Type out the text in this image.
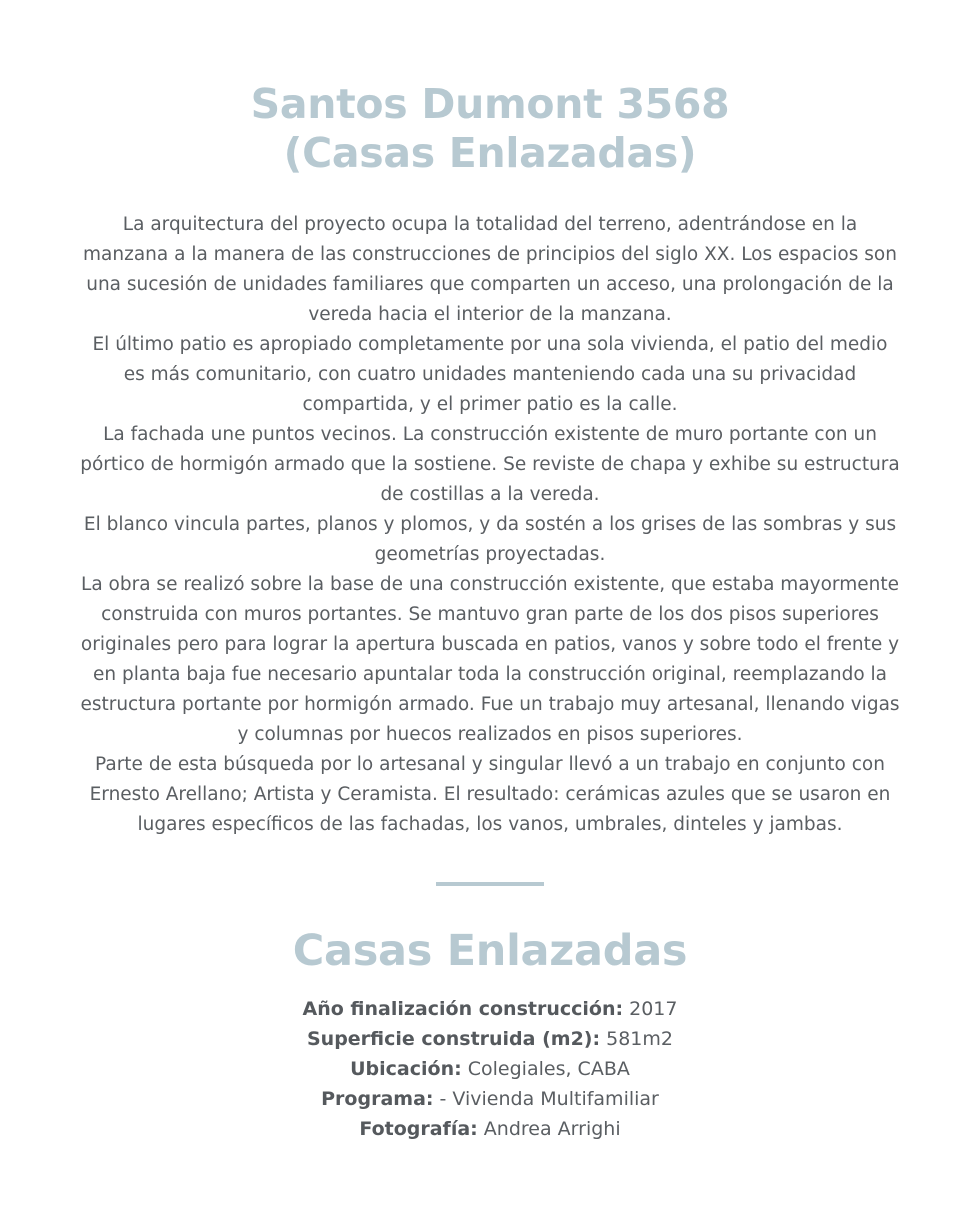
Santos Dumont 3568
(Casas Enlazadas)

La arquitectura del proyecto ocupa la totalidad del terreno, adentrándose en la manzana a la manera de las construcciones de principios del siglo XX. Los espacios son una sucesión de unidades familiares que comparten un acceso, una prolongación de la vereda hacia el interior de la manzana.

El último patio es apropiado completamente por una sola vivienda, el patio del medio es más comunitario, con cuatro unidades manteniendo cada una su privacidad compartida, y el primer patio es la calle.

La fachada une puntos vecinos. La construcción existente de muro portante con un pórtico de hormigón armado que la sostiene. Se reviste de chapa y exhibe su estructura de costillas a la vereda.

El blanco vincula partes, planos y plomos, y da sostén a los grises de las sombras y sus geometrías proyectadas.

La obra se realizó sobre la base de una construcción existente, que estaba mayormente construida con muros portantes. Se mantuvo gran parte de los dos pisos superiores originales pero para lograr la apertura buscada en patios, vanos y sobre todo el frente y en planta baja fue necesario apuntalar toda la construcción original, reemplazando la estructura portante por hormigón armado. Fue un trabajo muy artesanal, llenando vigas y columnas por huecos realizados en pisos superiores.

Parte de esta búsqueda por lo artesanal y singular llevó a un trabajo en conjunto con Ernesto Arellano; Artista y Ceramista. El resultado: cerámicas azules que se usaron en lugares específicos de las fachadas, los vanos, umbrales, dinteles y jambas.

Casas Enlazadas
Año finalización construcción: 2017
Superficie construida (m2): 581m2
Ubicación: Colegiales, CABA
Programa: - Vivienda Multifamiliar
Fotografía: Andrea Arrighi
